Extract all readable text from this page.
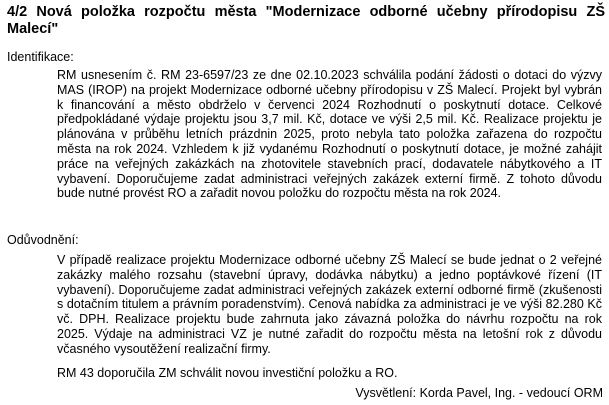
4/2 Nová položka rozpočtu města "Modernizace odborné učebny přírodopisu ZŠ Malecí"

Identifikace:

RM usnesením č. RM 23-6597/23 ze dne 02.10.2023 schválila podání žádosti o dotaci do výzvy MAS (IROP) na projekt Modernizace odborné učebny přírodopisu v ZŠ Malecí. Projekt byl vybrán k financování a město obdrželo v červenci 2024 Rozhodnutí o poskytnutí dotace. Celkové předpokládané výdaje projektu jsou 3,7 mil. Kč, dotace ve výši 2,5 mil. Kč. Realizace projektu je plánována v průběhu letních prázdnin 2025, proto nebyla tato položka zařazena do rozpočtu města na rok 2024. Vzhledem k již vydanému Rozhodnutí o poskytnutí dotace, je možné zahájit práce na veřejných zakázkách na zhotovitele stavebních prací, dodavatele nábytkového a IT vybavení. Doporučujeme zadat administraci veřejných zakázek externí firmě. Z tohoto důvodu bude nutné provést RO a zařadit novou položku do rozpočtu města na rok 2024.

Odůvodnění:

V případě realizace projektu Modernizace odborné učebny ZŠ Malecí se bude jednat o 2 veřejné zakázky malého rozsahu (stavební úpravy, dodávka nábytku) a jedno poptávkové řízení (IT vybavení). Doporučujeme zadat administraci veřejných zakázek externí odborné firmě (zkušenosti s dotačním titulem a právním poradenstvím). Cenová nabídka za administraci je ve výši 82.280 Kč vč. DPH. Realizace projektu bude zahrnuta jako závazná položka do návrhu rozpočtu na rok 2025. Výdaje na administraci VZ je nutné zařadit do rozpočtu města na letošní rok z důvodu včasného vysoutěžení realizační firmy.

RM 43 doporučila ZM schválit novou investiční položku a RO.

Vysvětlení: Korda Pavel, Ing. - vedoucí ORM
